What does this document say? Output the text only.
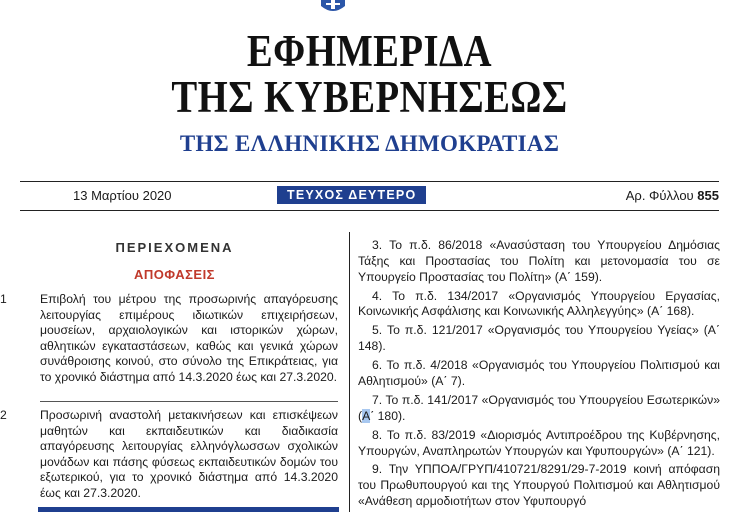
ΕΦΗΜΕΡΙΔΑ
ΤΗΣ ΚΥΒΕΡΝΗΣΕΩΣ
ΤΗΣ ΕΛΛΗΝΙΚΗΣ ΔΗΜΟΚΡΑΤΙΑΣ
13 Μαρτίου 2020	ΤΕΥΧΟΣ ΔΕΥΤΕΡΟ	Αρ. Φύλλου 855
ΠΕΡΙΕΧΟΜΕΝΑ
ΑΠΟΦΑΣΕΙΣ
1	Επιβολή του μέτρου της προσωρινής απαγόρευσης λειτουργίας επιμέρους ιδιωτικών επιχειρήσεων, μουσείων, αρχαιολογικών και ιστορικών χώρων, αθλητικών εγκαταστάσεων, καθώς και γενικά χώρων συνάθροισης κοινού, στο σύνολο της Επικράτειας, για το χρονικό διάστημα από 14.3.2020 έως και 27.3.2020.
2	Προσωρινή αναστολή μετακινήσεων και επισκέψεων μαθητών και εκπαιδευτικών και διαδικασία απαγόρευσης λειτουργίας ελληνόγλωσσων σχολικών μονάδων και πάσης φύσεως εκπαιδευτικών δομών του εξωτερικού, για το χρονικό διάστημα από 14.3.2020 έως και 27.3.2020.

3. Το π.δ. 86/2018 «Ανασύσταση του Υπουργείου Δημόσιας Τάξης και Προστασίας του Πολίτη και μετονομασία του σε Υπουργείο Προστασίας του Πολίτη» (Α΄ 159).

4. Το π.δ. 134/2017 «Οργανισμός Υπουργείου Εργασίας, Κοινωνικής Ασφάλισης και Κοινωνικής Αλληλεγγύης» (Α΄ 168).

5. Το π.δ. 121/2017 «Οργανισμός του Υπουργείου Υγείας» (Α΄ 148).

6. Το π.δ. 4/2018 «Οργανισμός του Υπουργείου Πολιτισμού και Αθλητισμού» (Α΄ 7).

7. Το π.δ. 141/2017 «Οργανισμός του Υπουργείου Εσωτερικών» (Α΄ 180).

8. Το π.δ. 83/2019 «Διορισμός Αντιπροέδρου της Κυβέρνησης, Υπουργών, Αναπληρωτών Υπουργών και Υφυπουργών» (Α΄ 121).

9. Την ΥΠΠΟΑ/ΓΡΥΠ/410721/8291/29-7-2019 κοινή απόφαση του Πρωθυπουργού και της Υπουργού Πολιτισμού και Αθλητισμού «Ανάθεση αρμοδιοτήτων στον Υφυπουργό
